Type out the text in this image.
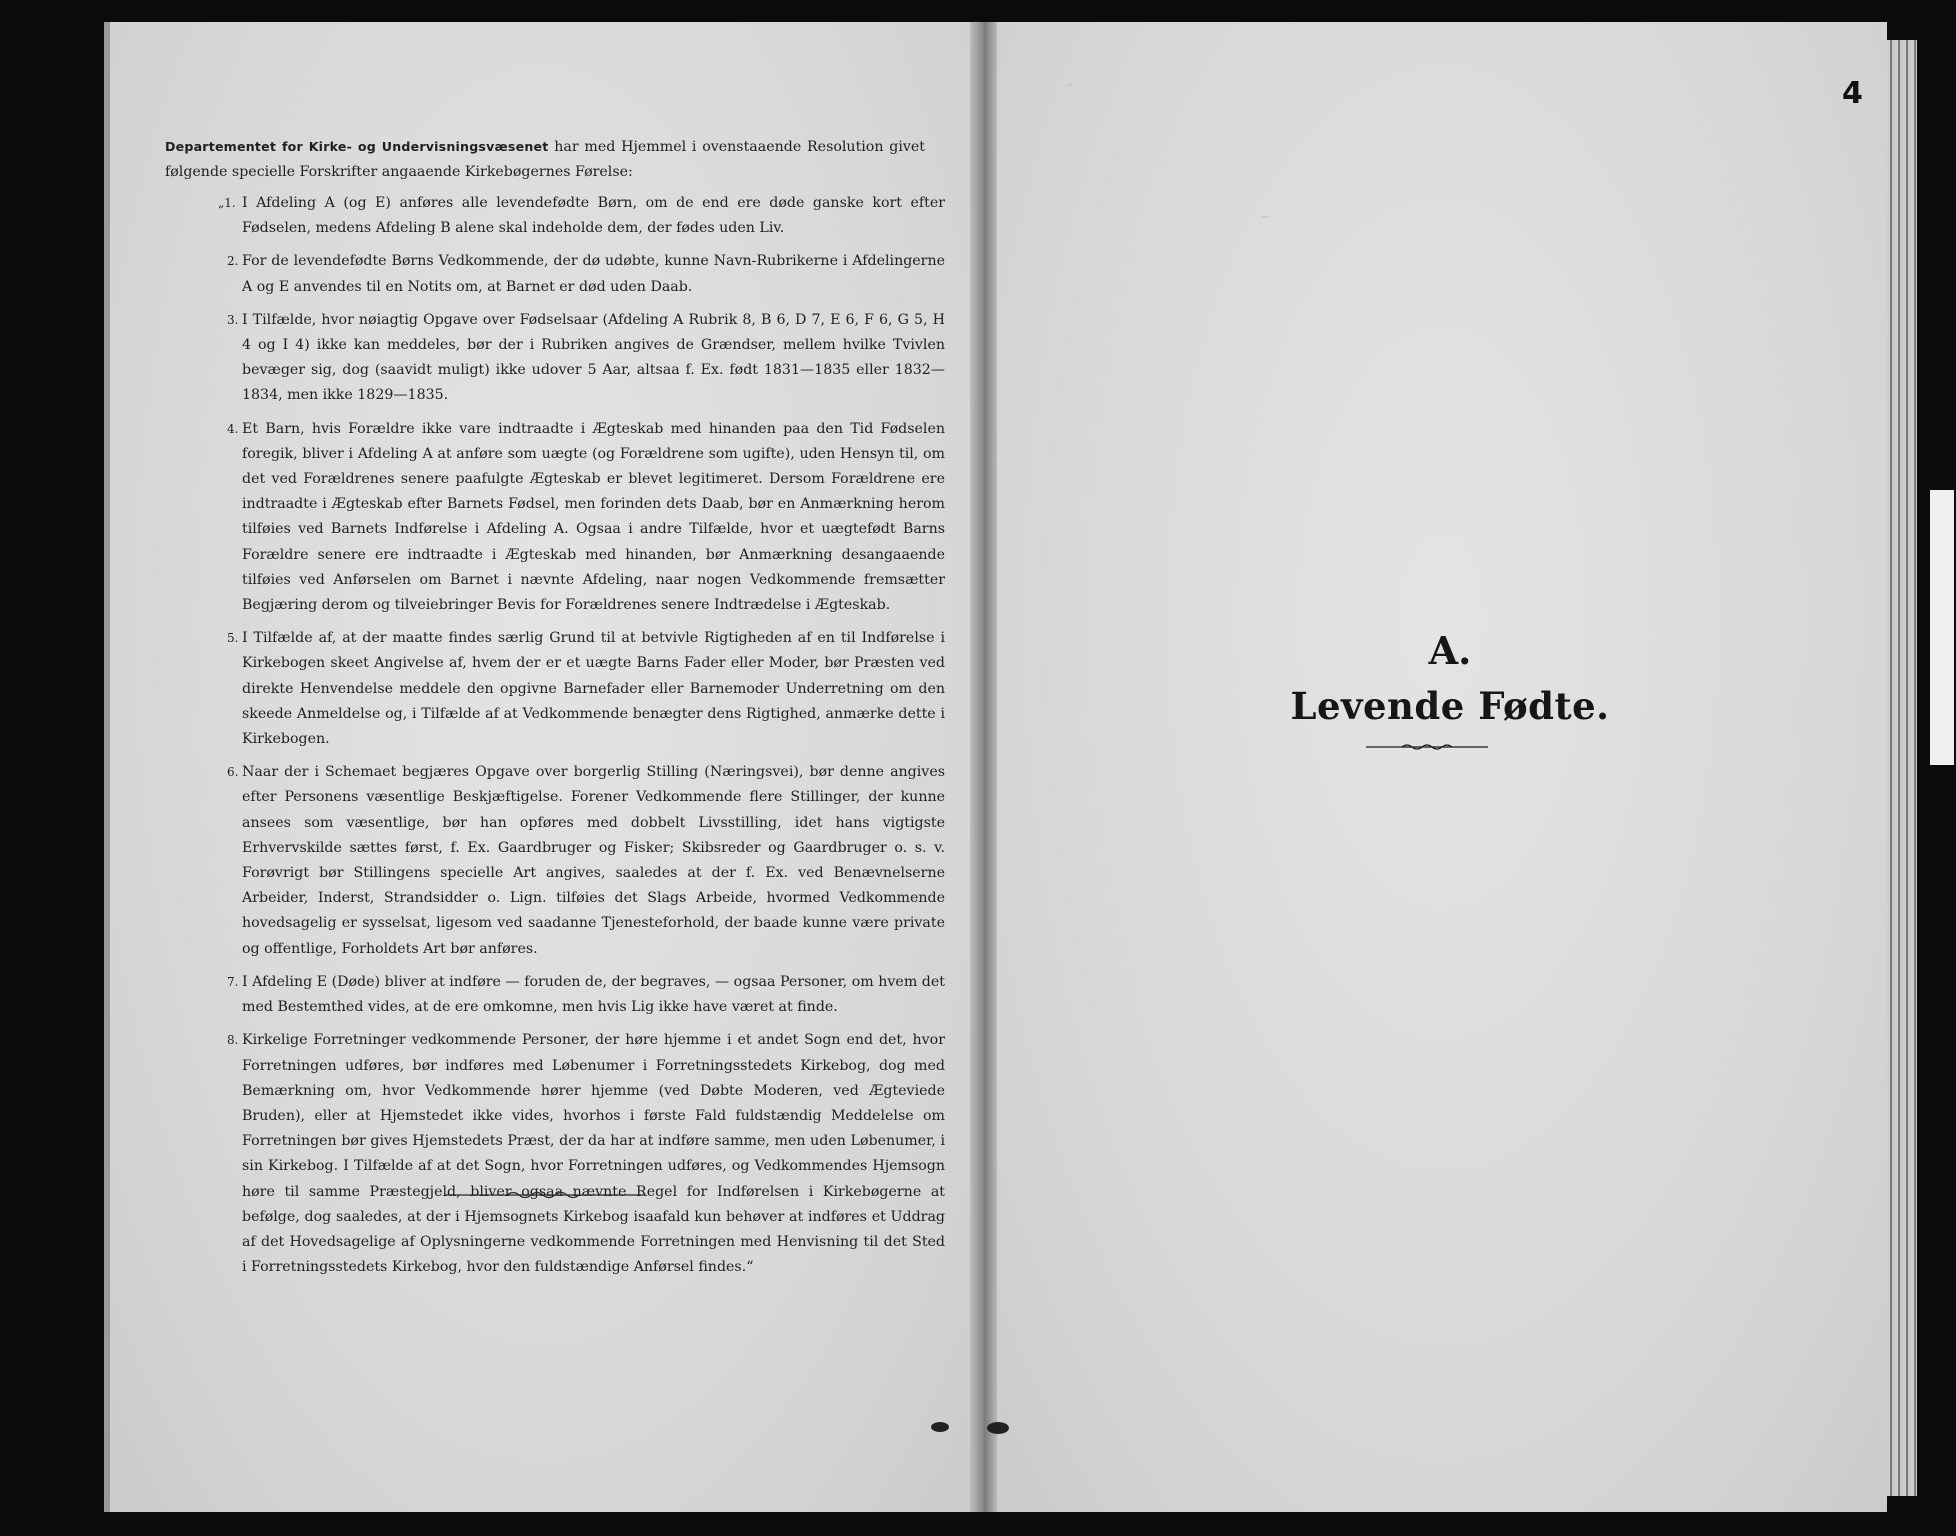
~
~
Departementet for Kirke- og Undervisningsvæsenet har med Hjemmel i ovenstaaende Resolution givet følgende specielle Forskrifter angaaende Kirkebøgernes Førelse:
„1. I Afdeling A (og E) anføres alle levendefødte Børn, om de end ere døde ganske kort efter Fødselen, medens Afdeling B alene skal indeholde dem, der fødes uden Liv.
2. For de levendefødte Børns Vedkommende, der dø udøbte, kunne Navn-Rubrikerne i Afdelingerne A og E anvendes til en Notits om, at Barnet er død uden Daab.
3. I Tilfælde, hvor nøiagtig Opgave over Fødselsaar (Afdeling A Rubrik 8, B 6, D 7, E 6, F 6, G 5, H 4 og I 4) ikke kan meddeles, bør der i Rubriken angives de Grændser, mellem hvilke Tvivlen bevæger sig, dog (saavidt muligt) ikke udover 5 Aar, altsaa f. Ex. født 1831—1835 eller 1832—1834, men ikke 1829—1835.
4. Et Barn, hvis Forældre ikke vare indtraadte i Ægteskab med hinanden paa den Tid Fødselen foregik, bliver i Afdeling A at anføre som uægte (og Forældrene som ugifte), uden Hensyn til, om det ved Forældrenes senere paafulgte Ægteskab er blevet legitimeret. Dersom Forældrene ere indtraadte i Ægteskab efter Barnets Fødsel, men forinden dets Daab, bør en Anmærkning herom tilføies ved Barnets Indførelse i Afdeling A. Ogsaa i andre Tilfælde, hvor et uægtefødt Barns Forældre senere ere indtraadte i Ægteskab med hinanden, bør Anmærkning desangaaende tilføies ved Anførselen om Barnet i nævnte Afdeling, naar nogen Vedkommende fremsætter Begjæring derom og tilveiebringer Bevis for Forældrenes senere Indtrædelse i Ægteskab.
5. I Tilfælde af, at der maatte findes særlig Grund til at betvivle Rigtigheden af en til Indførelse i Kirkebogen skeet Angivelse af, hvem der er et uægte Barns Fader eller Moder, bør Præsten ved direkte Henvendelse meddele den opgivne Barnefader eller Barnemoder Underretning om den skeede Anmeldelse og, i Tilfælde af at Vedkommende benægter dens Rigtighed, anmærke dette i Kirkebogen.
6. Naar der i Schemaet begjæres Opgave over borgerlig Stilling (Næringsvei), bør denne angives efter Personens væsentlige Beskjæftigelse. Forener Vedkommende flere Stillinger, der kunne ansees som væsentlige, bør han opføres med dobbelt Livsstilling, idet hans vigtigste Erhvervskilde sættes først, f. Ex. Gaardbruger og Fisker; Skibsreder og Gaardbruger o. s. v. Forøvrigt bør Stillingens specielle Art angives, saaledes at der f. Ex. ved Benævnelserne Arbeider, Inderst, Strandsidder o. Lign. tilføies det Slags Arbeide, hvormed Vedkommende hovedsagelig er sysselsat, ligesom ved saadanne Tjenesteforhold, der baade kunne være private og offentlige, Forholdets Art bør anføres.
7. I Afdeling E (Døde) bliver at indføre — foruden de, der begraves, — ogsaa Personer, om hvem det med Bestemthed vides, at de ere omkomne, men hvis Lig ikke have været at finde.
8. Kirkelige Forretninger vedkommende Personer, der høre hjemme i et andet Sogn end det, hvor Forretningen udføres, bør indføres med Løbenumer i Forretningsstedets Kirkebog, dog med Bemærkning om, hvor Vedkommende hører hjemme (ved Døbte Moderen, ved Ægteviede Bruden), eller at Hjemstedet ikke vides, hvorhos i første Fald fuldstændig Meddelelse om Forretningen bør gives Hjemstedets Præst, der da har at indføre samme, men uden Løbenumer, i sin Kirkebog. I Tilfælde af at det Sogn, hvor Forretningen udføres, og Vedkommendes Hjemsogn høre til samme Præstegjeld, bliver ogsaa nævnte Regel for Indførelsen i Kirkebøgerne at befølge, dog saaledes, at der i Hjemsognets Kirkebog isaafald kun behøver at indføres et Uddrag af det Hovedsagelige af Oplysningerne vedkommende Forretningen med Henvisning til det Sted i Forretningsstedets Kirkebog, hvor den fuldstændige Anførsel findes.“
4
A.
Levende Fødte.
